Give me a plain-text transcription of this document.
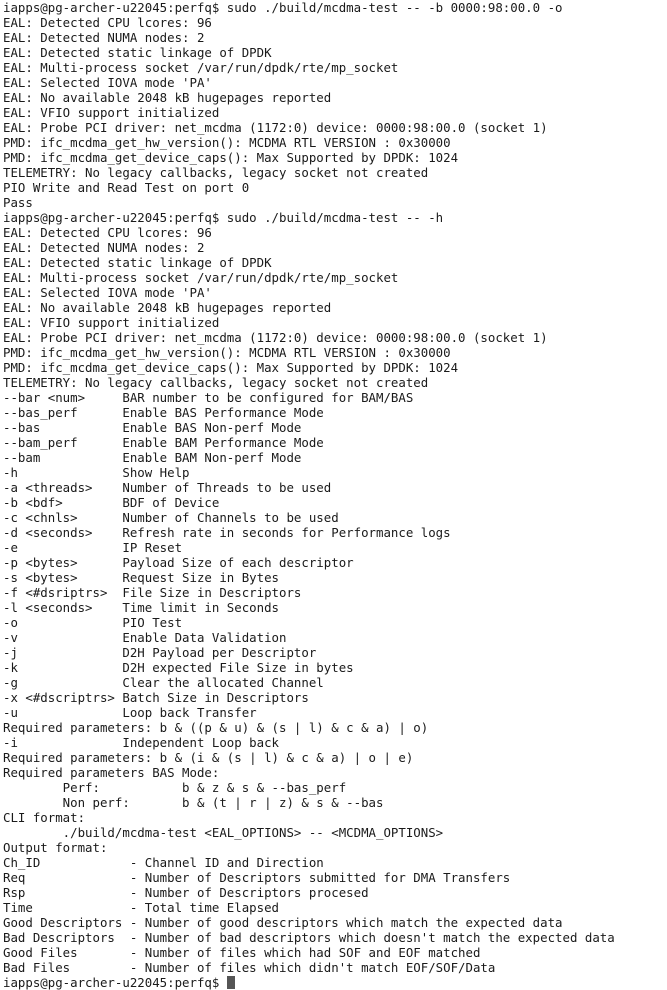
iapps@pg-archer-u22045:perfq$ sudo ./build/mcdma-test -- -b 0000:98:00.0 -o
EAL: Detected CPU lcores: 96
EAL: Detected NUMA nodes: 2
EAL: Detected static linkage of DPDK
EAL: Multi-process socket /var/run/dpdk/rte/mp_socket
EAL: Selected IOVA mode 'PA'
EAL: No available 2048 kB hugepages reported
EAL: VFIO support initialized
EAL: Probe PCI driver: net_mcdma (1172:0) device: 0000:98:00.0 (socket 1)
PMD: ifc_mcdma_get_hw_version(): MCDMA RTL VERSION : 0x30000
PMD: ifc_mcdma_get_device_caps(): Max Supported by DPDK: 1024
TELEMETRY: No legacy callbacks, legacy socket not created
PIO Write and Read Test on port 0
Pass
iapps@pg-archer-u22045:perfq$ sudo ./build/mcdma-test -- -h
EAL: Detected CPU lcores: 96
EAL: Detected NUMA nodes: 2
EAL: Detected static linkage of DPDK
EAL: Multi-process socket /var/run/dpdk/rte/mp_socket
EAL: Selected IOVA mode 'PA'
EAL: No available 2048 kB hugepages reported
EAL: VFIO support initialized
EAL: Probe PCI driver: net_mcdma (1172:0) device: 0000:98:00.0 (socket 1)
PMD: ifc_mcdma_get_hw_version(): MCDMA RTL VERSION : 0x30000
PMD: ifc_mcdma_get_device_caps(): Max Supported by DPDK: 1024
TELEMETRY: No legacy callbacks, legacy socket not created
--bar <num>     BAR number to be configured for BAM/BAS
--bas_perf      Enable BAS Performance Mode
--bas           Enable BAS Non-perf Mode
--bam_perf      Enable BAM Performance Mode
--bam           Enable BAM Non-perf Mode
-h              Show Help
-a <threads>    Number of Threads to be used
-b <bdf>        BDF of Device
-c <chnls>      Number of Channels to be used
-d <seconds>    Refresh rate in seconds for Performance logs
-e              IP Reset
-p <bytes>      Payload Size of each descriptor
-s <bytes>      Request Size in Bytes
-f <#dsriptrs>  File Size in Descriptors
-l <seconds>    Time limit in Seconds
-o              PIO Test
-v              Enable Data Validation
-j              D2H Payload per Descriptor
-k              D2H expected File Size in bytes
-g              Clear the allocated Channel
-x <#dscriptrs> Batch Size in Descriptors
-u              Loop back Transfer
Required parameters: b & ((p & u) & (s | l) & c & a) | o)
-i              Independent Loop back
Required parameters: b & (i & (s | l) & c & a) | o | e)
Required parameters BAS Mode:
Perf:           b & z & s & --bas_perf
Non perf:       b & (t | r | z) & s & --bas
CLI format:
./build/mcdma-test <EAL_OPTIONS> -- <MCDMA_OPTIONS>
Output format:
Ch_ID            - Channel ID and Direction
Req              - Number of Descriptors submitted for DMA Transfers
Rsp              - Number of Descriptors procesed
Time             - Total time Elapsed
Good Descriptors - Number of good descriptors which match the expected data
Bad Descriptors  - Number of bad descriptors which doesn't match the expected data
Good Files       - Number of files which had SOF and EOF matched
Bad Files        - Number of files which didn't match EOF/SOF/Data
iapps@pg-archer-u22045:perfq$
